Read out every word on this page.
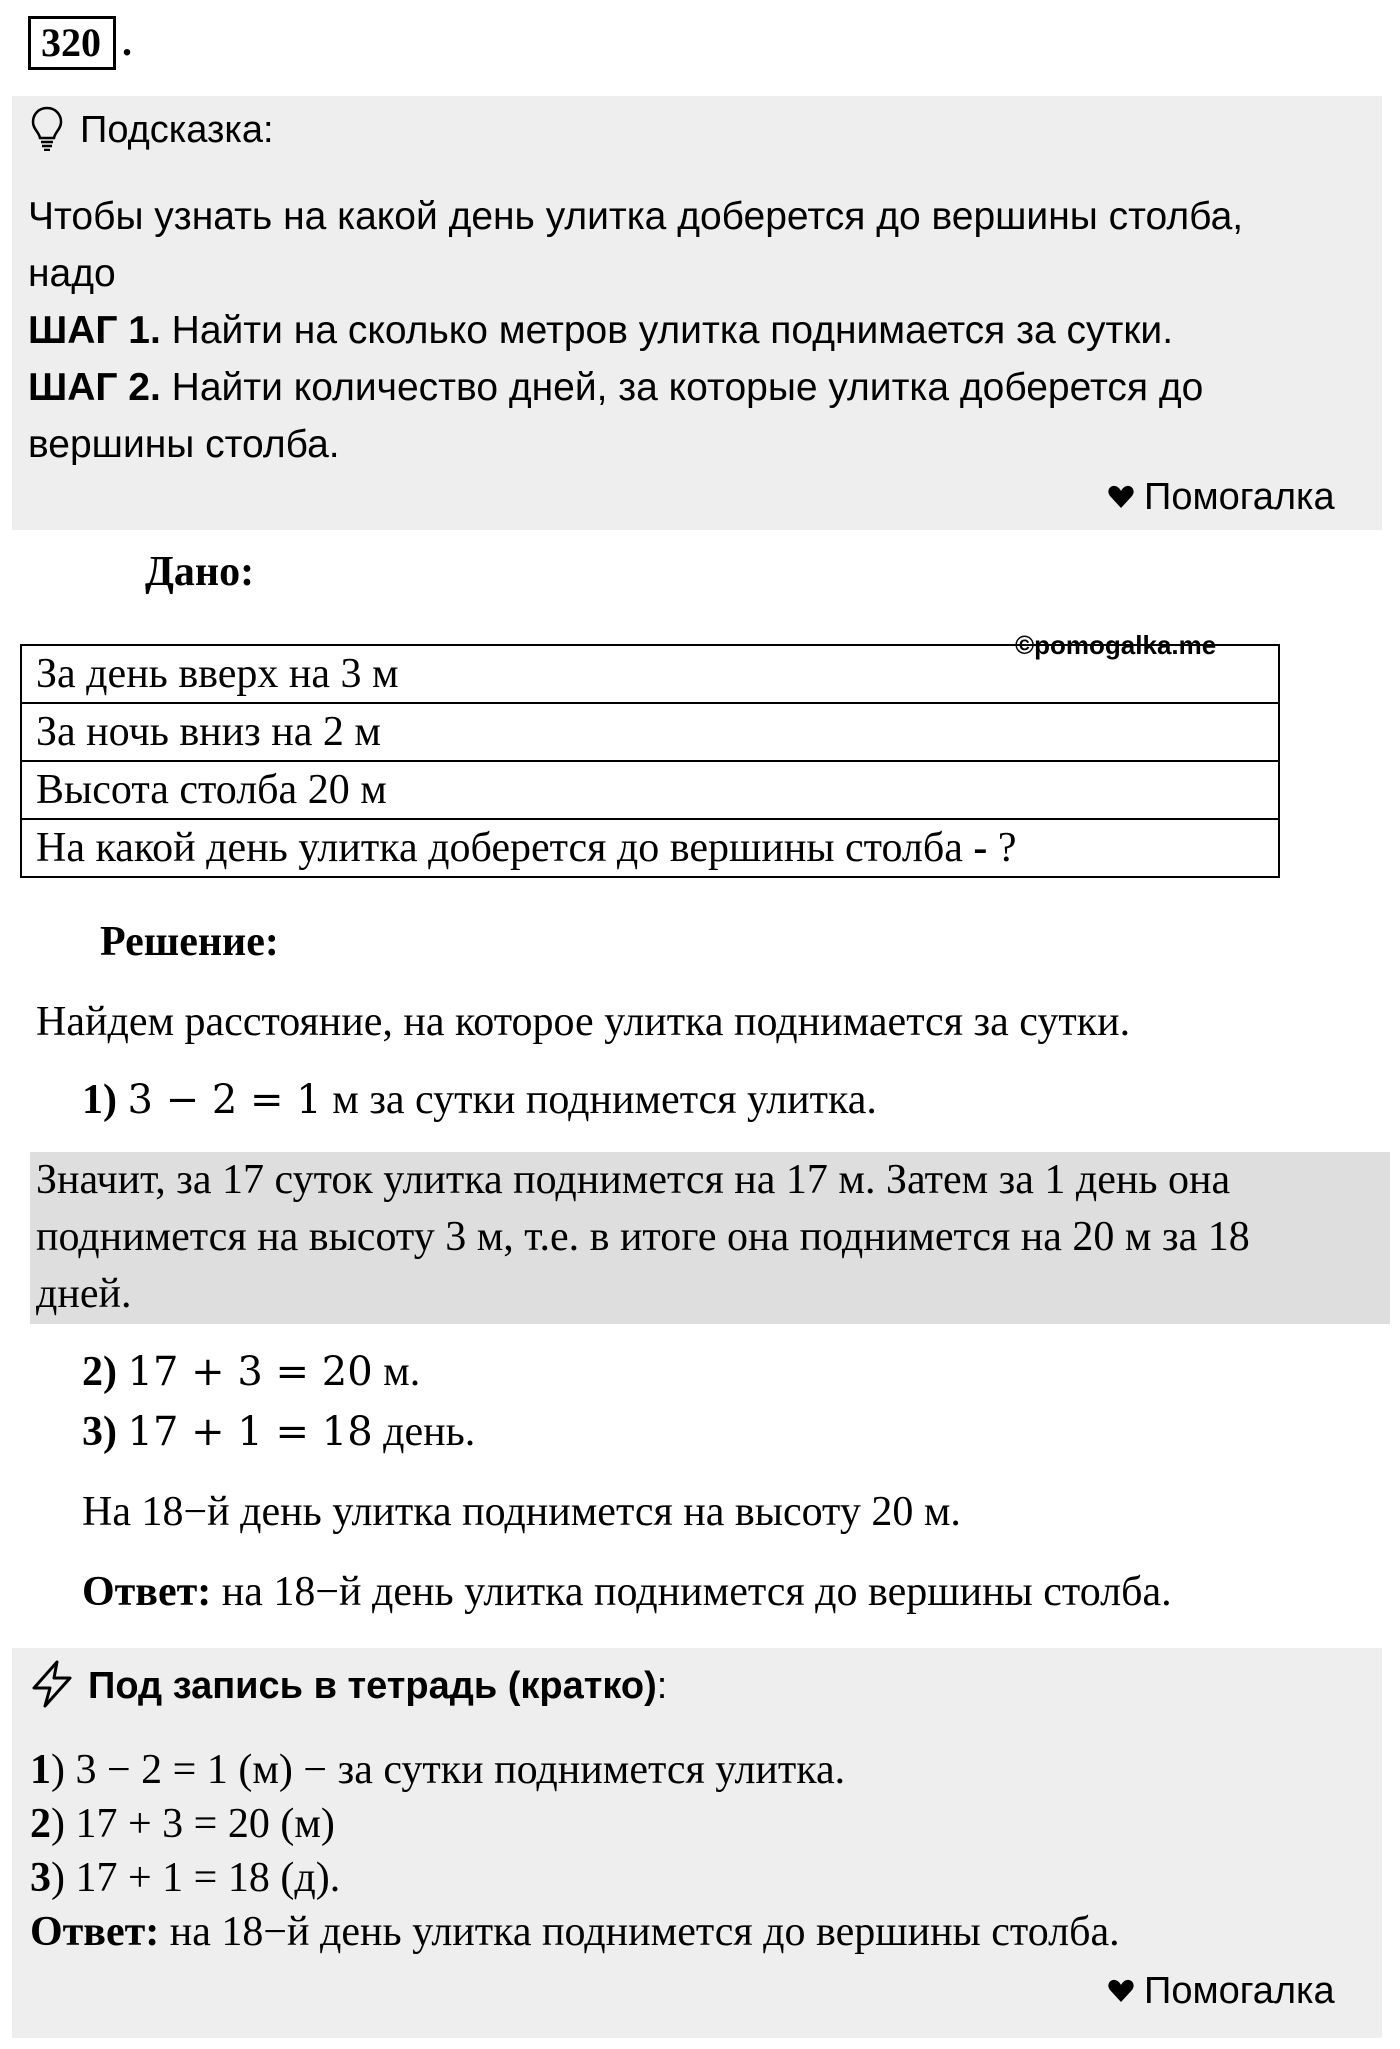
320 .
Подсказка:
Чтобы узнать на какой день улитка доберется до вершины столба,
надо
ШАГ 1. Найти на сколько метров улитка поднимается за сутки.
ШАГ 2. Найти количество дней, за которые улитка доберется до
вершины столба.
Помогалка
Дано:
За день вверх на 3 м
За ночь вниз на 2 м
Высота столба 20 м
На какой день улитка доберется до вершины столба - ?
©pomogalka.me
Решение:
Найдем расстояние, на которое улитка поднимается за сутки.
1) 3 − 2 = 1 м за сутки поднимется улитка.
Значит, за 17 суток улитка поднимется на 17 м. Затем за 1 день она
поднимется на высоту 3 м, т.е. в итоге она поднимется на 20 м за 18
дней.
2) 17 + 3 = 20 м.
3) 17 + 1 = 18 день.
На 18−й день улитка поднимется на высоту 20 м.
Ответ: на 18−й день улитка поднимется до вершины столба.
Под запись в тетрадь (кратко):
1) 3 − 2 = 1 (м) − за сутки поднимется улитка.
2) 17 + 3 = 20 (м)
3) 17 + 1 = 18 (д).
Ответ: на 18−й день улитка поднимется до вершины столба.
Помогалка
